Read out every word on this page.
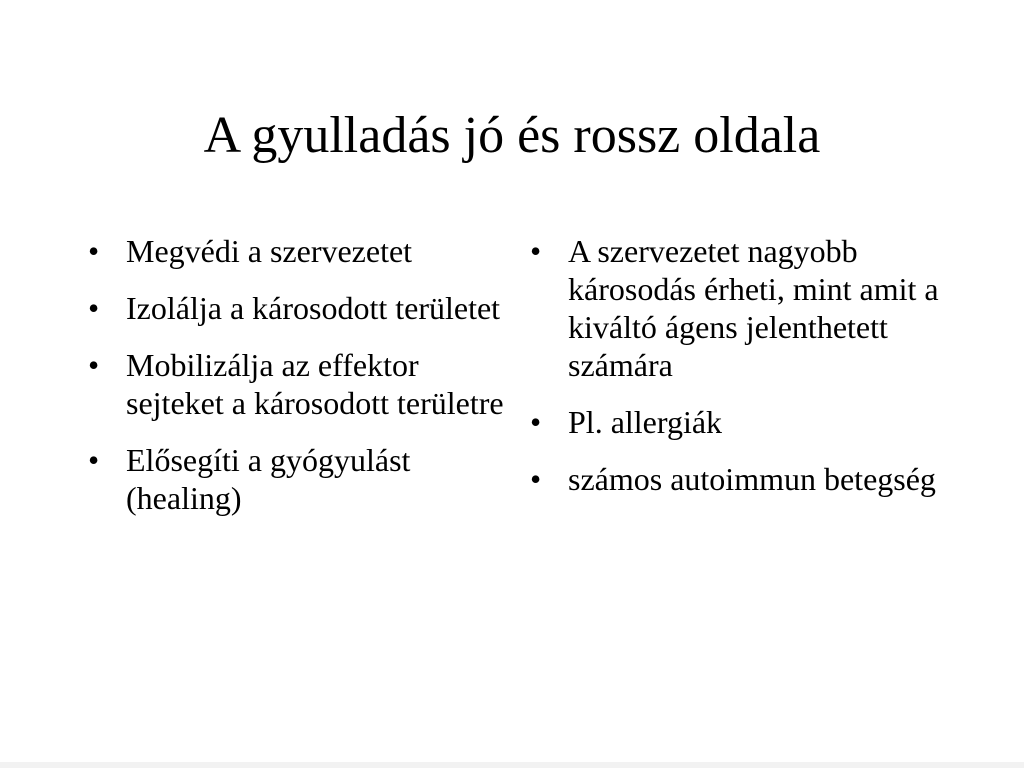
A gyulladás jó és rossz oldala
• Megvédi a szervezetet
• Izolálja a károsodott területet
• Mobilizálja az effektor sejteket a károsodott területre
• Elősegíti a gyógyulást (healing)
• A szervezetet nagyobb károsodás érheti, mint amit a kiváltó ágens jelenthetett számára
• Pl. allergiák
• számos autoimmun betegség
